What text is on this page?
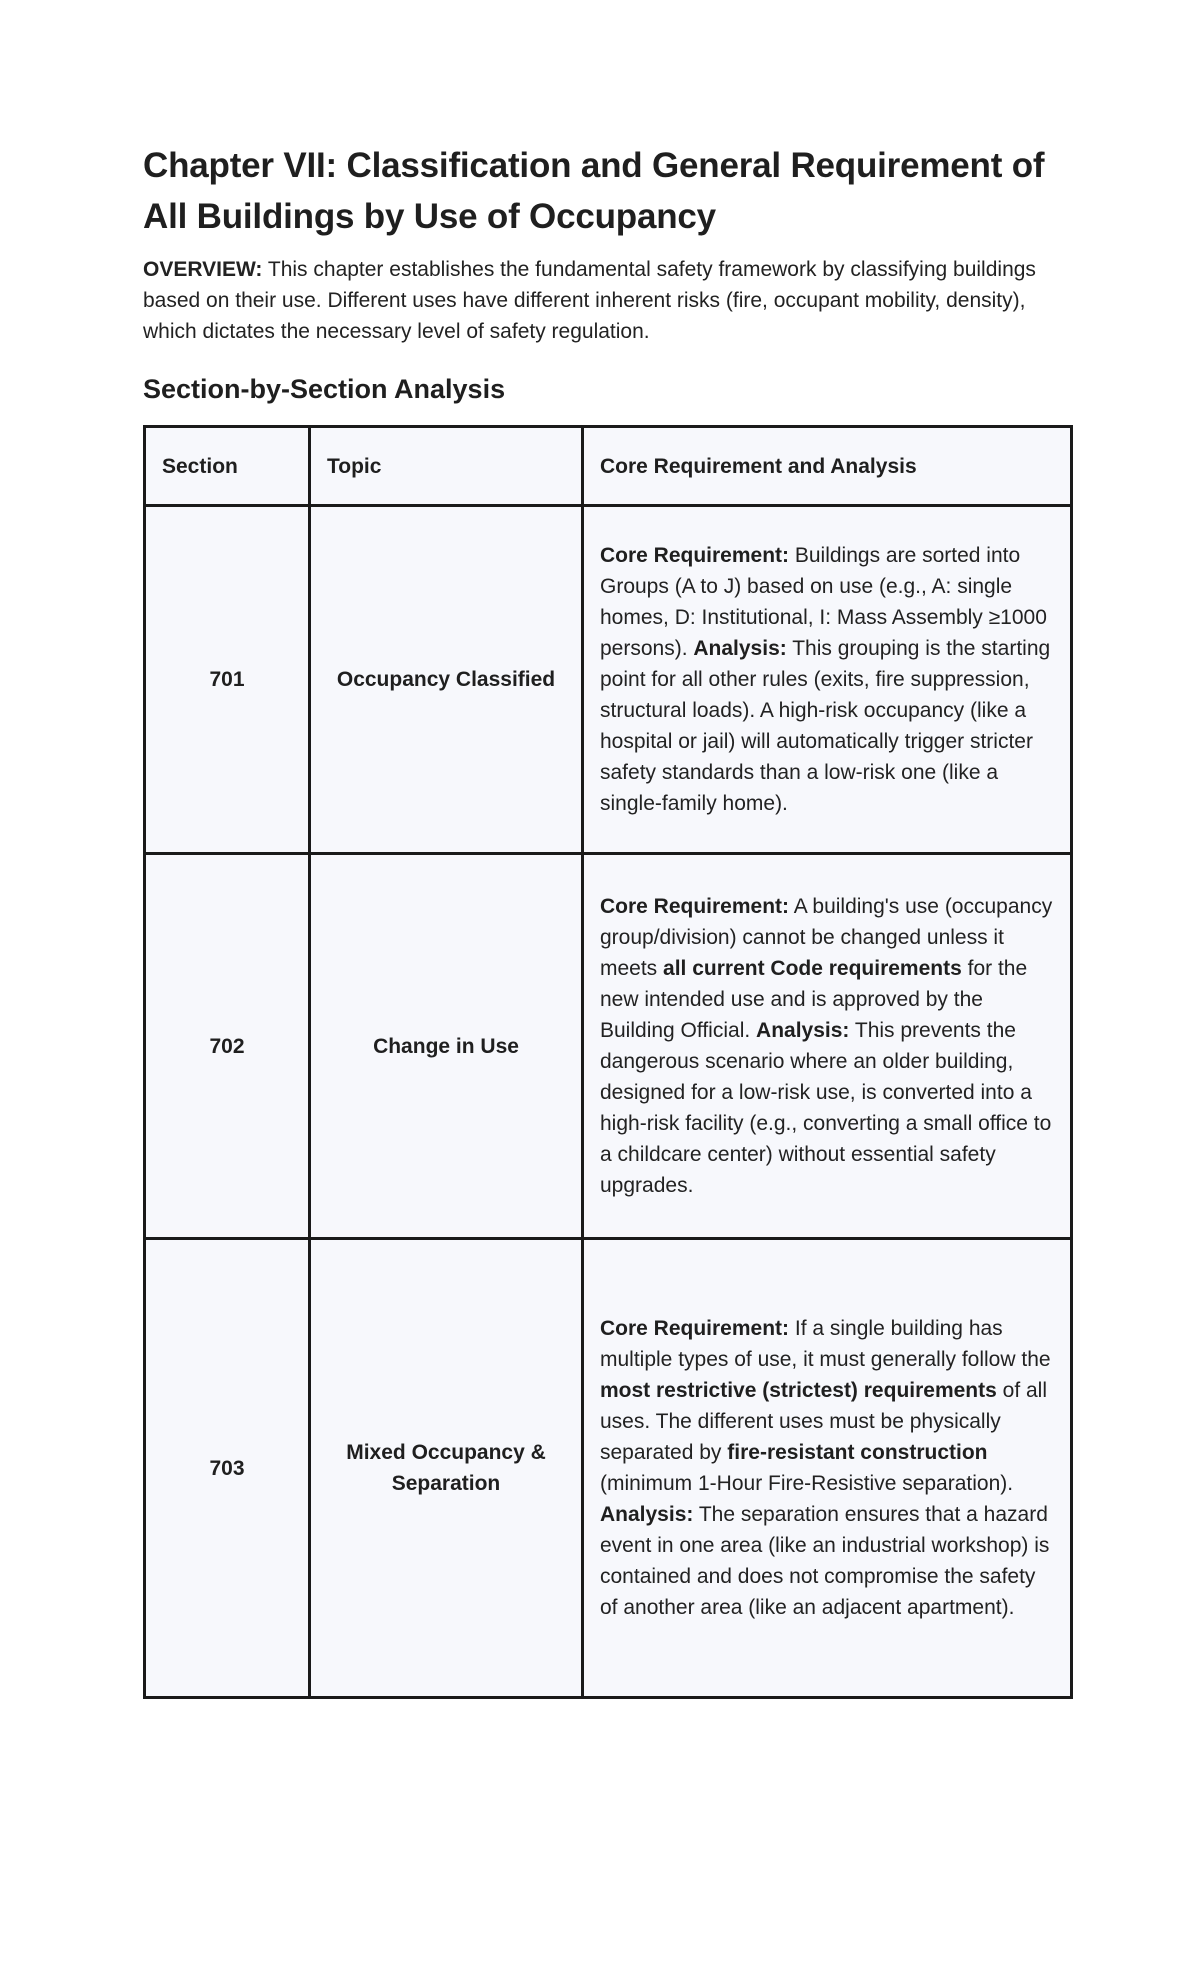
Chapter VII: Classification and General Requirement of All Buildings by Use of Occupancy

OVERVIEW: This chapter establishes the fundamental safety framework by classifying buildings based on their use. Different uses have different inherent risks (fire, occupant mobility, density), which dictates the necessary level of safety regulation.

Section-by-Section Analysis
Section	Topic	Core Requirement and Analysis
701	Occupancy Classified	Core Requirement: Buildings are sorted into Groups (A to J) based on use (e.g., A: single homes, D: Institutional, I: Mass Assembly ≥1000 persons). Analysis: This grouping is the starting point for all other rules (exits, fire suppression, structural loads). A high-risk occupancy (like a hospital or jail) will automatically trigger stricter safety standards than a low-risk one (like a single-family home).
702	Change in Use	Core Requirement: A building's use (occupancy group/division) cannot be changed unless it meets all current Code requirements for the new intended use and is approved by the Building Official. Analysis: This prevents the dangerous scenario where an older building, designed for a low-risk use, is converted into a high-risk facility (e.g., converting a small office to a childcare center) without essential safety upgrades.
703	Mixed Occupancy & Separation	Core Requirement: If a single building has multiple types of use, it must generally follow the most restrictive (strictest) requirements of all uses. The different uses must be physically separated by fire-resistant construction (minimum 1-Hour Fire-Resistive separation). Analysis: The separation ensures that a hazard event in one area (like an industrial workshop) is contained and does not compromise the safety of another area (like an adjacent apartment).
